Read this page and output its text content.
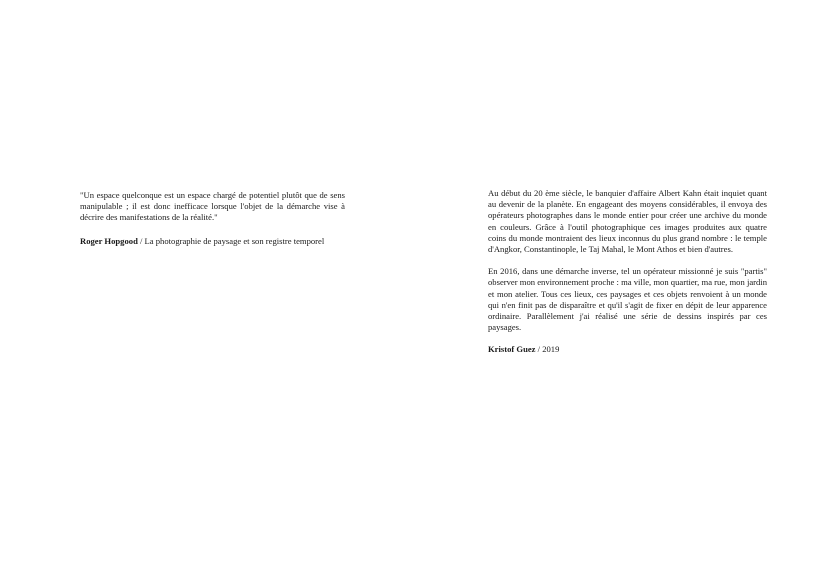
"Un espace quelconque est un espace chargé de potentiel plutôt que de sens manipulable ; il est donc inefficace lorsque l'objet de la démarche vise à décrire des manifestations de la réalité."

Roger Hopgood / La photographie de paysage et son registre temporel

Au début du 20 ème siècle, le banquier d'affaire Albert Kahn était inquiet quant au devenir de la planète. En engageant des moyens considérables, il envoya des opérateurs photographes dans le monde entier pour créer une archive du monde en couleurs. Grâce à l'outil photographique ces images produites aux quatre coins du monde montraient des lieux inconnus du plus grand nombre : le temple d'Angkor, Constantinople, le Taj Mahal, le Mont Athos et bien d'autres.

En 2016, dans une démarche inverse, tel un opérateur missionné je suis "partis" observer mon environnement proche : ma ville, mon quartier, ma rue, mon jardin et mon atelier. Tous ces lieux, ces paysages et ces objets renvoient à un monde qui n'en finit pas de disparaître et qu'il s'agit de fixer en dépit de leur apparence ordinaire. Parallèlement j'ai réalisé une série de dessins inspirés par ces paysages.

Kristof Guez / 2019
